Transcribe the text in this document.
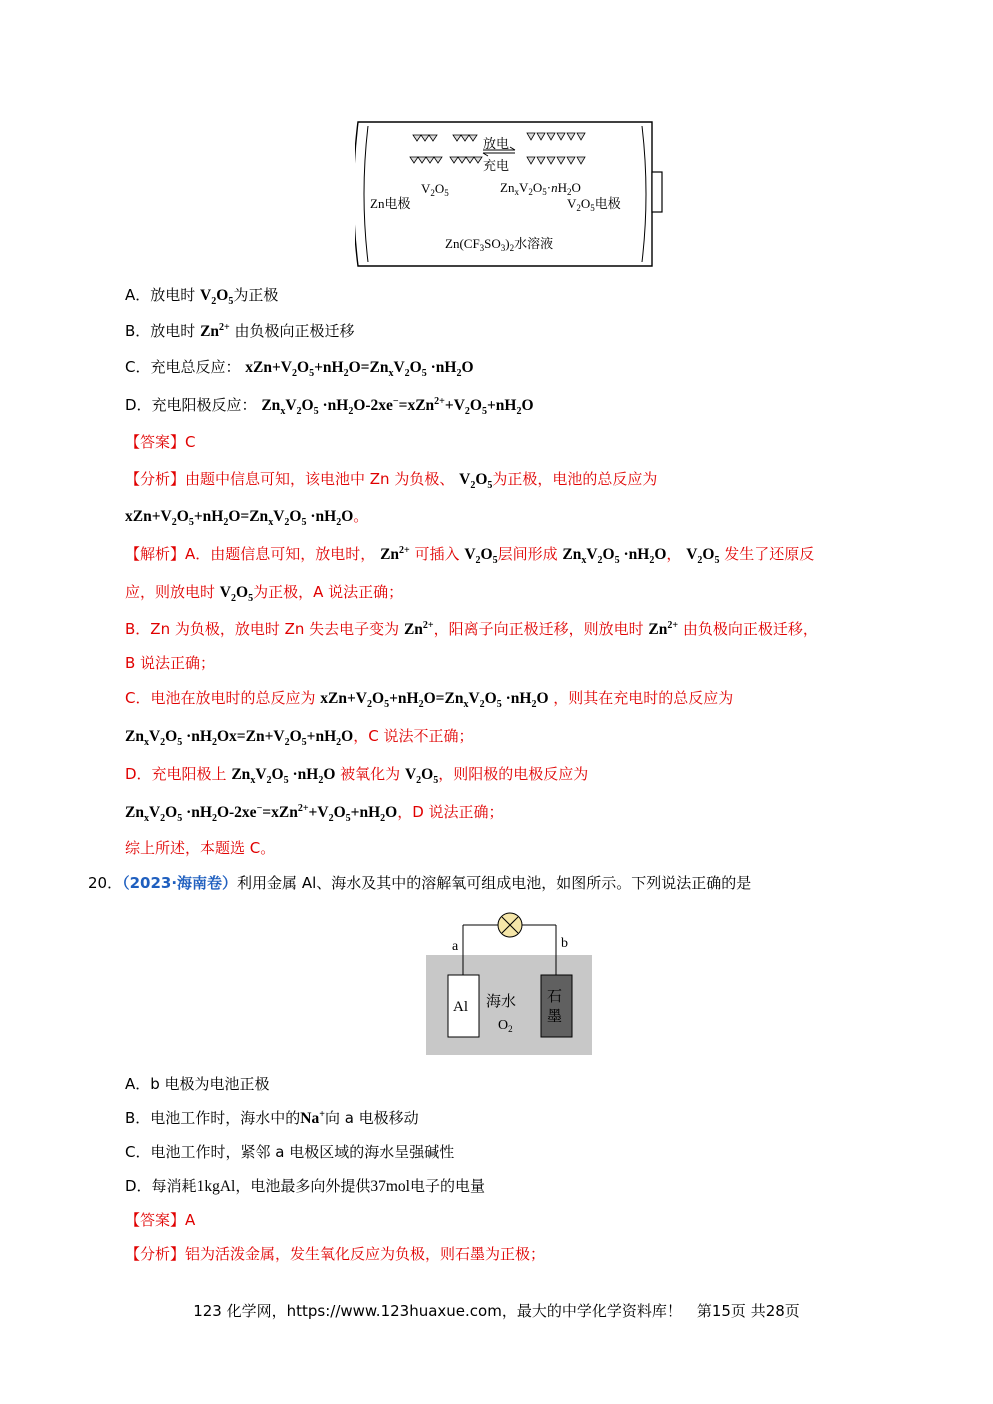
放电
充电
$V_2O_5$	$Zn_xV_2O_5\cdot nH_2O$
Zn电极	$V_2O_5$电极
$Zn(CF_3SO_3)_2$水溶液
A．放电时 $V_2O_5$为正极
B．放电时 $Zn^{2+}$ 由负极向正极迁移
C．充电总反应： $xZn+V_2O_5+nH_2O=Zn_xV_2O_5 \cdot nH_2O$
D．充电阳极反应： $Zn_xV_2O_5 \cdot nH_2O-2xe^-=xZn^{2+}+V_2O_5+nH_2O$
【答案】C
【分析】由题中信息可知，该电池中 Zn 为负极、 $V_2O_5$为正极，电池的总反应为
$xZn+V_2O_5+nH_2O=Zn_xV_2O_5 \cdot nH_2O$。
【解析】A．由题信息可知，放电时， $Zn^{2+}$ 可插入 $V_2O_5$层间形成 $Zn_xV_2O_5 \cdot nH_2O$， $V_2O_5$ 发生了还原反
应，则放电时 $V_2O_5$为正极，A 说法正确；
B．Zn 为负极，放电时 Zn 失去电子变为 $Zn^{2+}$，阳离子向正极迁移，则放电时 $Zn^{2+}$ 由负极向正极迁移，
B 说法正确；
C．电池在放电时的总反应为 $xZn+V_2O_5+nH_2O=Zn_xV_2O_5 \cdot nH_2O$ ，则其在充电时的总反应为
$Zn_xV_2O_5 \cdot nH_2Ox=Zn+V_2O_5+nH_2O$，C 说法不正确；
D．充电阳极上 $Zn_xV_2O_5 \cdot nH_2O$ 被氧化为 $V_2O_5$，则阳极的电极反应为
$Zn_xV_2O_5 \cdot nH_2O-2xe^-=xZn^{2+}+V_2O_5+nH_2O$，D 说法正确；
综上所述，本题选 C。
20．（2023·海南卷）利用金属 Al、海水及其中的溶解氧可组成电池，如图所示。下列说法正确的是
a	b
Al
石
墨
海水
$O_2$
A．b 电极为电池正极
B．电池工作时，海水中的Na+向 a 电极移动
C．电池工作时，紧邻 a 电极区域的海水呈强碱性
D．每消耗1kgAl，电池最多向外提供37mol电子的电量
【答案】A
【分析】铝为活泼金属，发生氧化反应为负极，则石墨为正极；
123 化学网，https://www.123huaxue.com，最大的中学化学资料库！　第15页 共28页
